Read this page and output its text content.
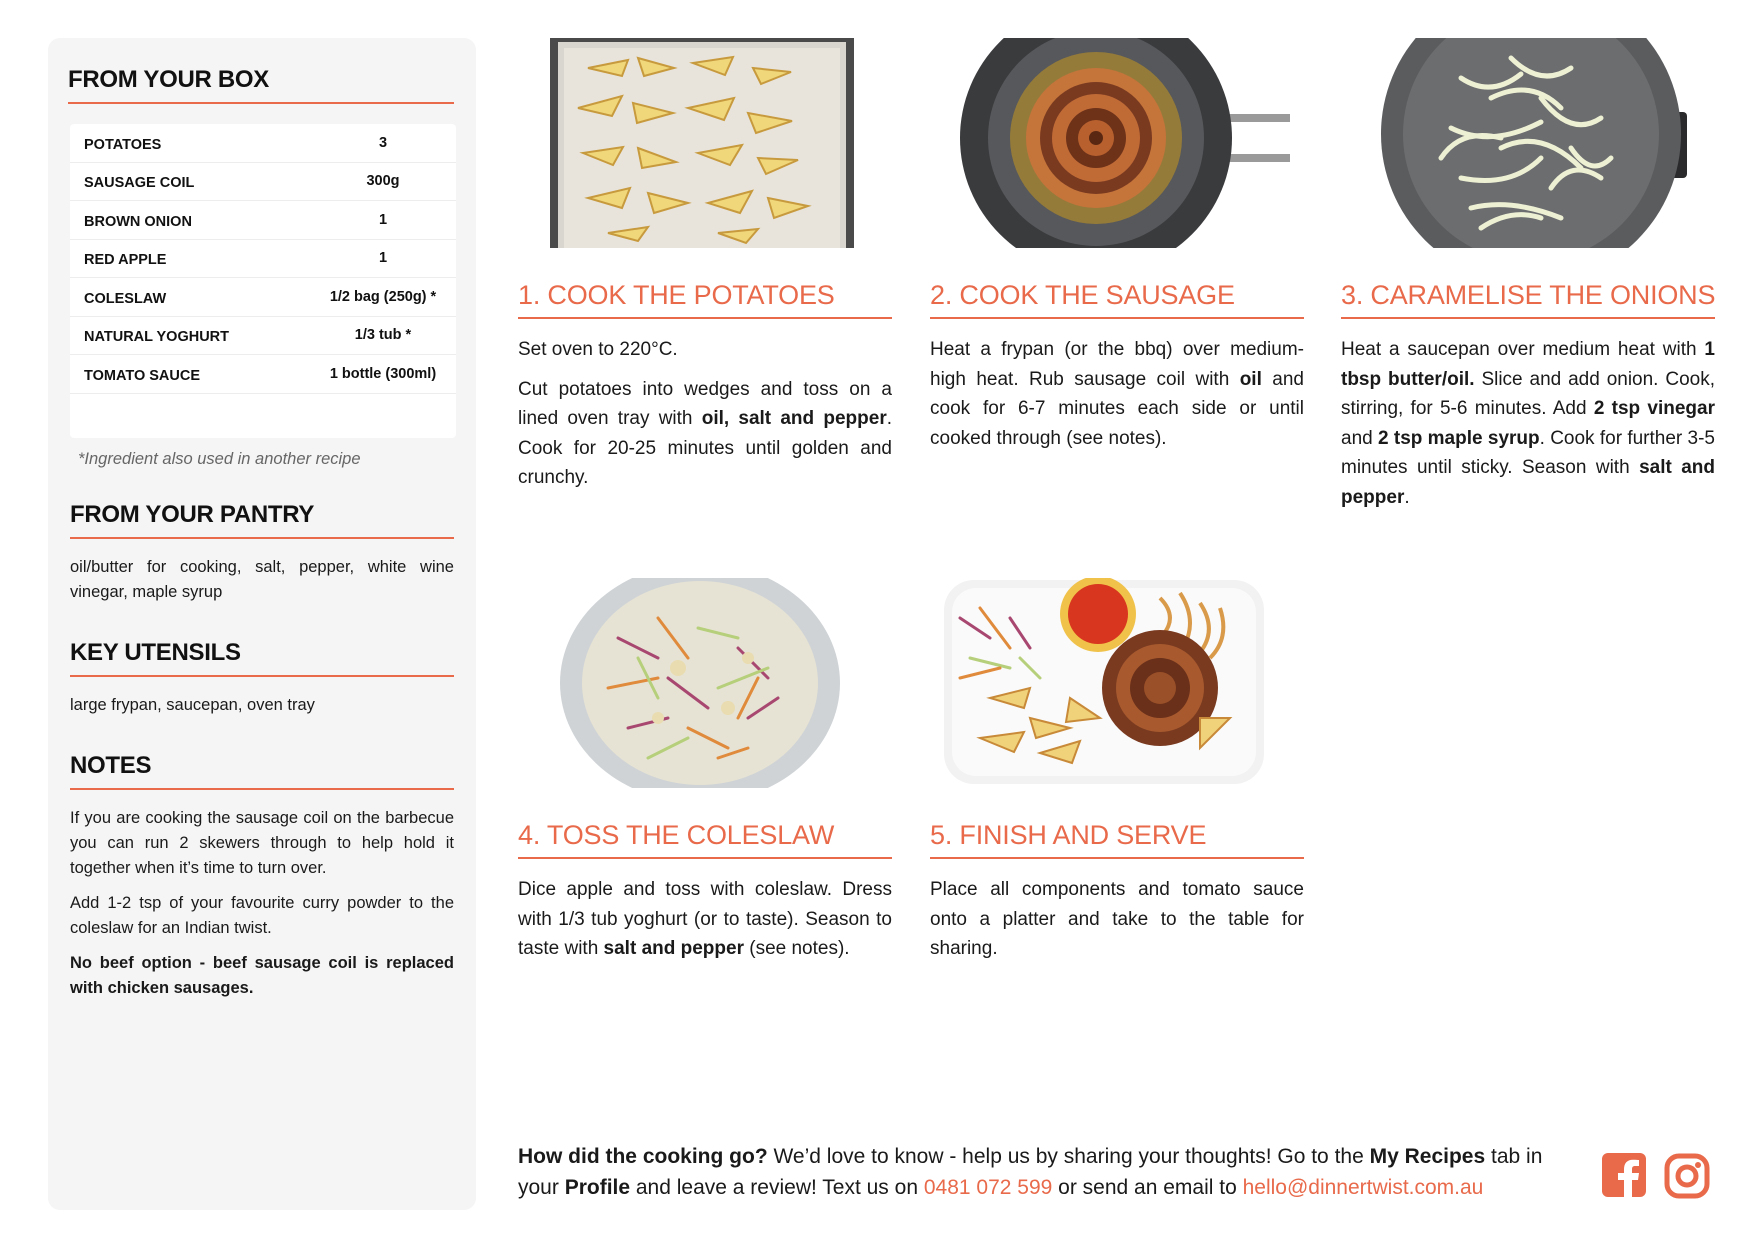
FROM YOUR BOX
POTATOES	3
SAUSAGE COIL	300g
BROWN ONION	1
RED APPLE	1
COLESLAW	1/2 bag (250g) *
NATURAL YOGHURT	1/3 tub *
TOMATO SAUCE	1 bottle (300ml)
*Ingredient also used in another recipe
FROM YOUR PANTRY

oil/butter for cooking, salt, pepper, white wine vinegar, maple syrup

KEY UTENSILS

large frypan, saucepan, oven tray

NOTES

If you are cooking the sausage coil on the barbecue you can run 2 skewers through to help hold it together when it’s time to turn over.

Add 1-2 tsp of your favourite curry powder to the coleslaw for an Indian twist.

No beef option - beef sausage coil is replaced with chicken sausages.

1. COOK THE POTATOES

Set oven to 220°C.

Cut potatoes into wedges and toss on a lined oven tray with oil, salt and pepper. Cook for 20-25 minutes until golden and crunchy.

2. COOK THE SAUSAGE

Heat a frypan (or the bbq) over medium-high heat. Rub sausage coil with oil and cook for 6-7 minutes each side or until cooked through (see notes).

3. CARAMELISE THE ONIONS

Heat a saucepan over medium heat with 1 tbsp butter/oil. Slice and add onion. Cook, stirring, for 5-6 minutes. Add 2 tsp vinegar and 2 tsp maple syrup. Cook for further 3-5 minutes until sticky. Season with salt and pepper.

4. TOSS THE COLESLAW

Dice apple and toss with coleslaw. Dress with 1/3 tub yoghurt (or to taste). Season to taste with salt and pepper (see notes).

5. FINISH AND SERVE

Place all components and tomato sauce onto a platter and take to the table for sharing.

How did the cooking go? We’d love to know - help us by sharing your thoughts! Go to the My Recipes tab in your Profile and leave a review! Text us on 0481 072 599 or send an email to hello@dinnertwist.com.au
